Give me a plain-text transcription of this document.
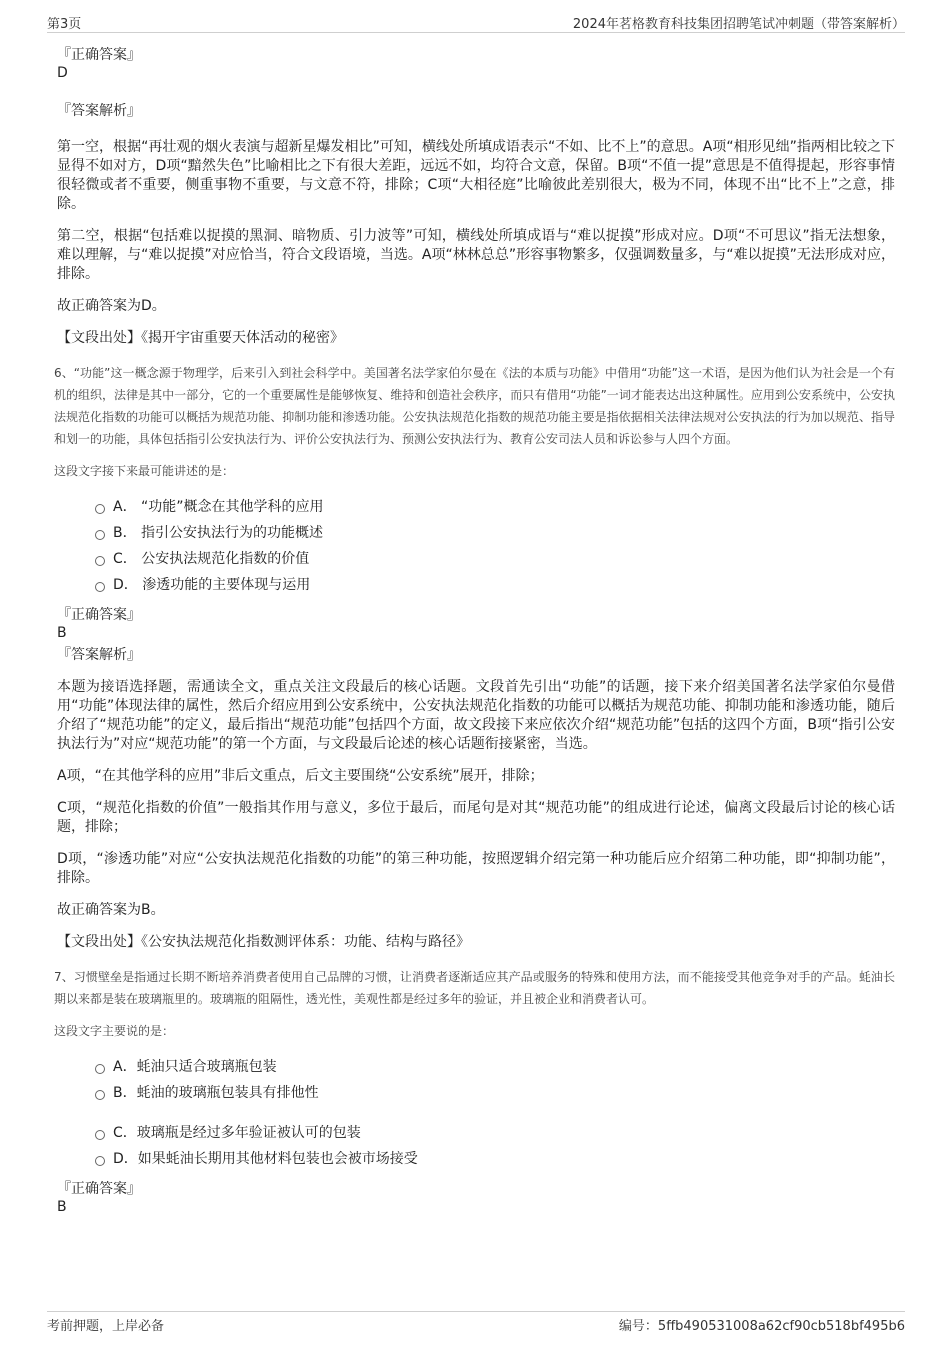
第3页	2024年茗格教育科技集团招聘笔试冲刺题（带答案解析）
『正确答案』
D
『答案解析』

第一空，根据“再壮观的烟火表演与超新星爆发相比”可知，横线处所填成语表示“不如、比不上”的意思。A项“相形见绌”指两相比较之下显得不如对方，D项“黯然失色”比喻相比之下有很大差距，远远不如，均符合文意，保留。B项“不值一提”意思是不值得提起，形容事情很轻微或者不重要，侧重事物不重要，与文意不符，排除；C项“大相径庭”比喻彼此差别很大，极为不同，体现不出“比不上”之意，排除。

第二空，根据“包括难以捉摸的黑洞、暗物质、引力波等”可知，横线处所填成语与“难以捉摸”形成对应。D项“不可思议”指无法想象，难以理解，与“难以捉摸”对应恰当，符合文段语境，当选。A项“林林总总”形容事物繁多，仅强调数量多，与“难以捉摸”无法形成对应，排除。

故正确答案为D。

【文段出处】《揭开宇宙重要天体活动的秘密》

6、“功能”这一概念源于物理学，后来引入到社会科学中。美国著名法学家伯尔曼在《法的本质与功能》中借用“功能”这一术语，是因为他们认为社会是一个有机的组织，法律是其中一部分，它的一个重要属性是能够恢复、维持和创造社会秩序，而只有借用“功能”一词才能表达出这种属性。应用到公安系统中，公安执法规范化指数的功能可以概括为规范功能、抑制功能和渗透功能。公安执法规范化指数的规范功能主要是指依据相关法律法规对公安执法的行为加以规范、指导和划一的功能，具体包括指引公安执法行为、评价公安执法行为、预测公安执法行为、教育公安司法人员和诉讼参与人四个方面。

这段文字接下来最可能讲述的是：
A． “功能”概念在其他学科的应用
B． 指引公安执法行为的功能概述
C． 公安执法规范化指数的价值
D． 渗透功能的主要体现与运用
『正确答案』
B
『答案解析』

本题为接语选择题，需通读全文，重点关注文段最后的核心话题。文段首先引出“功能”的话题，接下来介绍美国著名法学家伯尔曼借用“功能”体现法律的属性，然后介绍应用到公安系统中，公安执法规范化指数的功能可以概括为规范功能、抑制功能和渗透功能，随后介绍了“规范功能”的定义，最后指出“规范功能”包括四个方面，故文段接下来应依次介绍“规范功能”包括的这四个方面，B项“指引公安执法行为”对应“规范功能”的第一个方面，与文段最后论述的核心话题衔接紧密，当选。

A项，“在其他学科的应用”非后文重点，后文主要围绕“公安系统”展开，排除；

C项，“规范化指数的价值”一般指其作用与意义，多位于最后，而尾句是对其“规范功能”的组成进行论述，偏离文段最后讨论的核心话题，排除；

D项，“渗透功能”对应“公安执法规范化指数的功能”的第三种功能，按照逻辑介绍完第一种功能后应介绍第二种功能，即“抑制功能”，排除。

故正确答案为B。

【文段出处】《公安执法规范化指数测评体系：功能、结构与路径》

7、习惯壁垒是指通过长期不断培养消费者使用自己品牌的习惯，让消费者逐渐适应其产品或服务的特殊和使用方法，而不能接受其他竞争对手的产品。蚝油长期以来都是装在玻璃瓶里的。玻璃瓶的阻隔性，透光性，美观性都是经过多年的验证，并且被企业和消费者认可。

这段文字主要说的是：
A．蚝油只适合玻璃瓶包装
B．蚝油的玻璃瓶包装具有排他性
C．玻璃瓶是经过多年验证被认可的包装
D．如果蚝油长期用其他材料包装也会被市场接受
『正确答案』
B
考前押题，上岸必备	编号：5ffb490531008a62cf90cb518bf495b6
